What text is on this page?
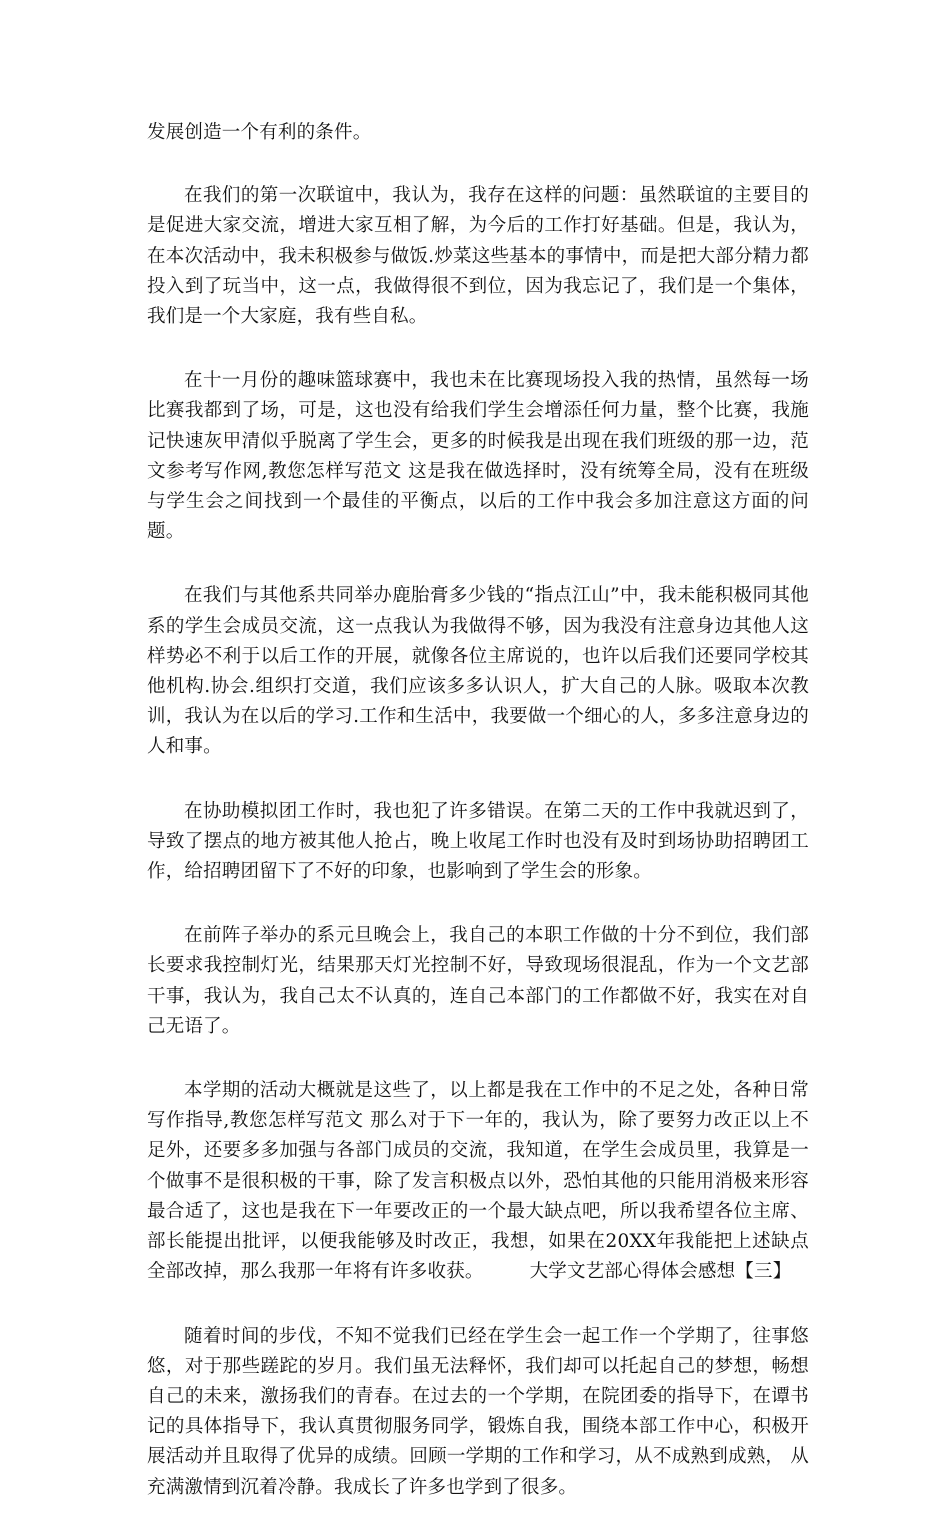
发展创造一个有利的条件。

在我们的第一次联谊中，我认为，我存在这样的问题：虽然联谊的主要目的是促进大家交流，增进大家互相了解，为今后的工作打好基础。但是，我认为，在本次活动中，我未积极参与做饭.炒菜这些基本的事情中，而是把大部分精力都投入到了玩当中，这一点，我做得很不到位，因为我忘记了，我们是一个集体，我们是一个大家庭，我有些自私。

在十一月份的趣味篮球赛中，我也未在比赛现场投入我的热情，虽然每一场比赛我都到了场，可是，这也没有给我们学生会增添任何力量，整个比赛，我施记快速灰甲清似乎脱离了学生会，更多的时候我是出现在我们班级的那一边，范文参考写作网,教您怎样写范文 这是我在做选择时，没有统筹全局，没有在班级与学生会之间找到一个最佳的平衡点，以后的工作中我会多加注意这方面的问题。

在我们与其他系共同举办鹿胎膏多少钱的“指点江山”中，我未能积极同其他系的学生会成员交流，这一点我认为我做得不够，因为我没有注意身边其他人这样势必不利于以后工作的开展，就像各位主席说的，也许以后我们还要同学校其他机构.协会.组织打交道，我们应该多多认识人，扩大自己的人脉。吸取本次教训，我认为在以后的学习.工作和生活中，我要做一个细心的人，多多注意身边的人和事。

在协助模拟团工作时，我也犯了许多错误。在第二天的工作中我就迟到了，导致了摆点的地方被其他人抢占，晚上收尾工作时也没有及时到场协助招聘团工作，给招聘团留下了不好的印象，也影响到了学生会的形象。

在前阵子举办的系元旦晚会上，我自己的本职工作做的十分不到位，我们部长要求我控制灯光，结果那天灯光控制不好，导致现场很混乱，作为一个文艺部干事，我认为，我自己太不认真的，连自己本部门的工作都做不好，我实在对自己无语了。

本学期的活动大概就是这些了，以上都是我在工作中的不足之处，各种日常写作指导,教您怎样写范文 那么对于下一年的，我认为，除了要努力改正以上不足外，还要多多加强与各部门成员的交流，我知道，在学生会成员里，我算是一个做事不是很积极的干事，除了发言积极点以外，恐怕其他的只能用消极来形容最合适了，这也是我在下一年要改正的一个最大缺点吧，所以我希望各位主席、部长能提出批评，以便我能够及时改正，我想，如果在20XX年我能把上述缺点全部改掉，那么我那一年将有许多收获。 大学文艺部心得体会感想【三】

随着时间的步伐，不知不觉我们已经在学生会一起工作一个学期了，往事悠悠，对于那些蹉跎的岁月。我们虽无法释怀，我们却可以托起自己的梦想，畅想自己的未来，激扬我们的青春。在过去的一个学期，在院团委的指导下，在谭书记的具体指导下，我认真贯彻服务同学，锻炼自我，围绕本部工作中心，积极开展活动并且取得了优异的成绩。回顾一学期的工作和学习，从不成熟到成熟， 从充满激情到沉着冷静。我成长了许多也学到了很多。
